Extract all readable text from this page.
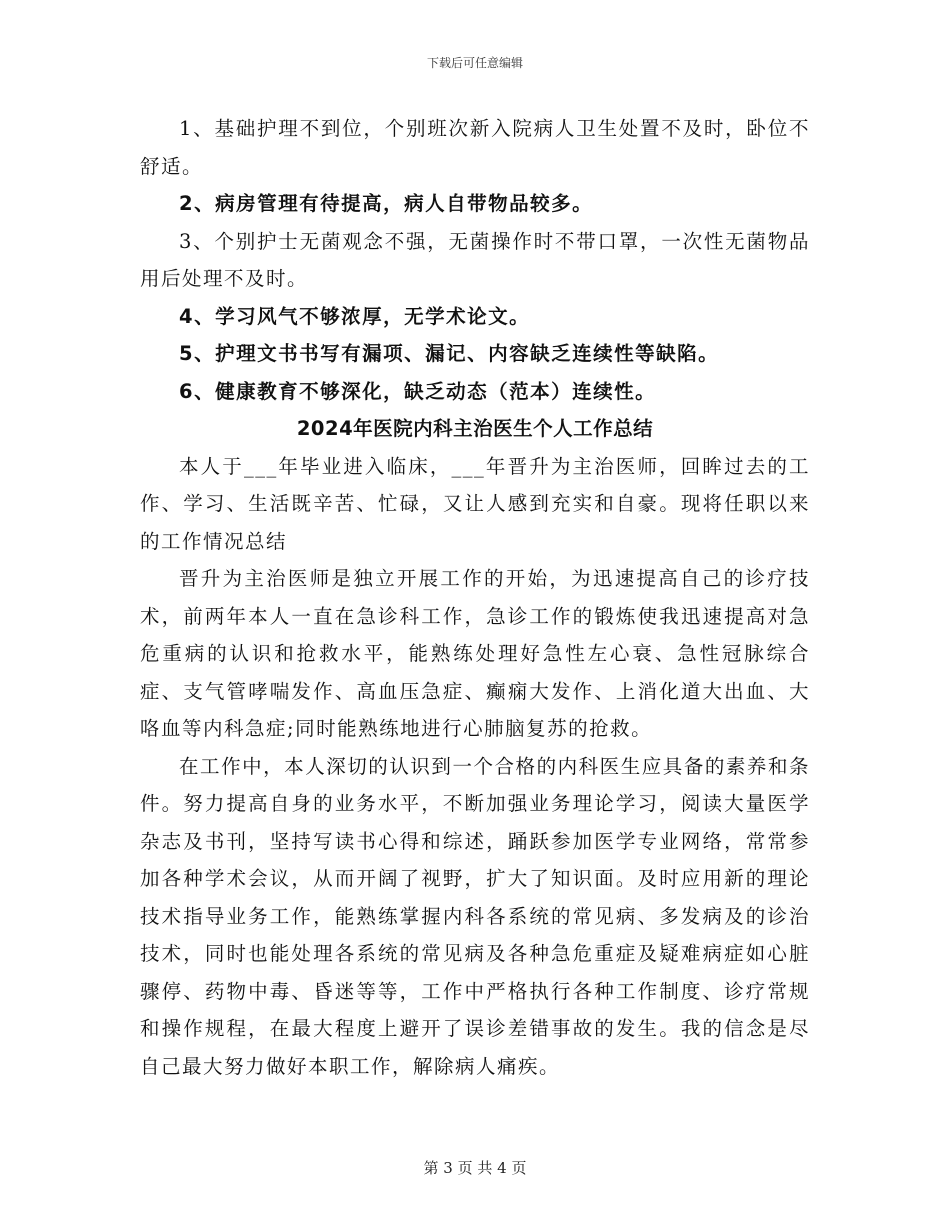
下载后可任意编辑

1、基础护理不到位，个别班次新入院病人卫生处置不及时，卧位不舒适。

2、病房管理有待提高，病人自带物品较多。

3、个别护士无菌观念不强，无菌操作时不带口罩，一次性无菌物品用后处理不及时。

4、学习风气不够浓厚，无学术论文。

5、护理文书书写有漏项、漏记、内容缺乏连续性等缺陷。

6、健康教育不够深化，缺乏动态（范本）连续性。

2024年医院内科主治医生个人工作总结

本人于___年毕业进入临床，___年晋升为主治医师，回眸过去的工作、学习、生活既辛苦、忙碌，又让人感到充实和自豪。现将任职以来的工作情况总结

晋升为主治医师是独立开展工作的开始，为迅速提高自己的诊疗技术，前两年本人一直在急诊科工作，急诊工作的锻炼使我迅速提高对急危重病的认识和抢救水平，能熟练处理好急性左心衰、急性冠脉综合症、支气管哮喘发作、高血压急症、癫痫大发作、上消化道大出血、大咯血等内科急症;同时能熟练地进行心肺脑复苏的抢救。

在工作中，本人深切的认识到一个合格的内科医生应具备的素养和条件。努力提高自身的业务水平，不断加强业务理论学习，阅读大量医学杂志及书刊，坚持写读书心得和综述，踊跃参加医学专业网络，常常参加各种学术会议，从而开阔了视野，扩大了知识面。及时应用新的理论技术指导业务工作，能熟练掌握内科各系统的常见病、多发病及的诊治技术，同时也能处理各系统的常见病及各种急危重症及疑难病症如心脏骤停、药物中毒、昏迷等等，工作中严格执行各种工作制度、诊疗常规和操作规程，在最大程度上避开了误诊差错事故的发生。我的信念是尽自己最大努力做好本职工作，解除病人痛疾。

第 3 页 共 4 页
